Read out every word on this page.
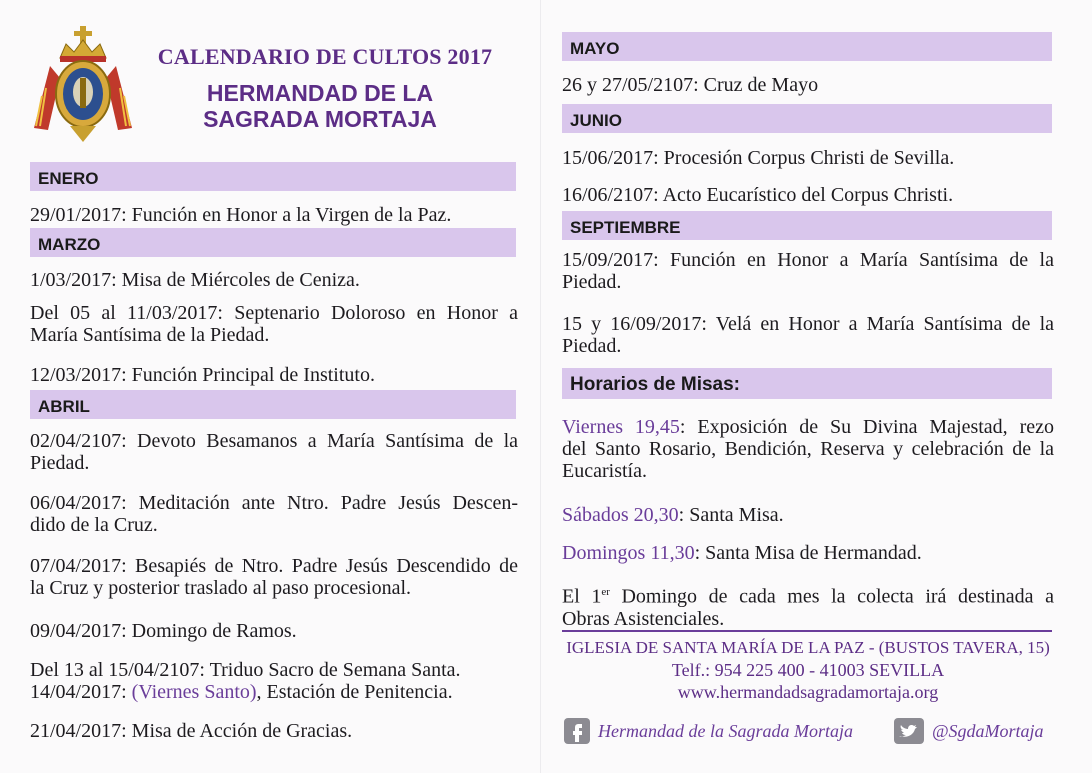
CALENDARIO DE CULTOS 2017
HERMANDAD DE LA
SAGRADA MORTAJA
ENERO
29/01/2017: Función en Honor a la Virgen de la Paz.
MARZO
1/03/2017: Misa de Miércoles de Ceniza.
Del 05 al 11/03/2017: Septenario Doloroso en Honor a
María Santísima de la Piedad.
12/03/2017: Función Principal de Instituto.
ABRIL
02/04/2107: Devoto Besamanos a María Santísima de la
Piedad.
06/04/2017: Meditación ante Ntro. Padre Jesús Descen-
dido de la Cruz.
07/04/2017: Besapiés de Ntro. Padre Jesús Descendido de
la Cruz y posterior traslado al paso procesional.
09/04/2017: Domingo de Ramos.
Del 13 al 15/04/2107: Triduo Sacro de Semana Santa.
14/04/2017: (Viernes Santo), Estación de Penitencia.
21/04/2017: Misa de Acción de Gracias.
MAYO
26 y 27/05/2107: Cruz de Mayo
JUNIO
15/06/2017: Procesión Corpus Christi de Sevilla.
16/06/2107: Acto Eucarístico del Corpus Christi.
SEPTIEMBRE
15/09/2017: Función en Honor a María Santísima de la
Piedad.
15 y 16/09/2017: Velá en Honor a María Santísima de la
Piedad.
Horarios de Misas:
Viernes 19,45: Exposición de Su Divina Majestad, rezo
del Santo Rosario, Bendición, Reserva y celebración de la
Eucaristía.
Sábados 20,30: Santa Misa.
Domingos 11,30: Santa Misa de Hermandad.
El 1er Domingo de cada mes la colecta irá destinada a
Obras Asistenciales.
IGLESIA DE SANTA MARÍA DE LA PAZ - (BUSTOS TAVERA, 15)
Telf.: 954 225 400 - 41003 SEVILLA
www.hermandadsagradamortaja.org
Hermandad de la Sagrada Mortaja	@SgdaMortaja
